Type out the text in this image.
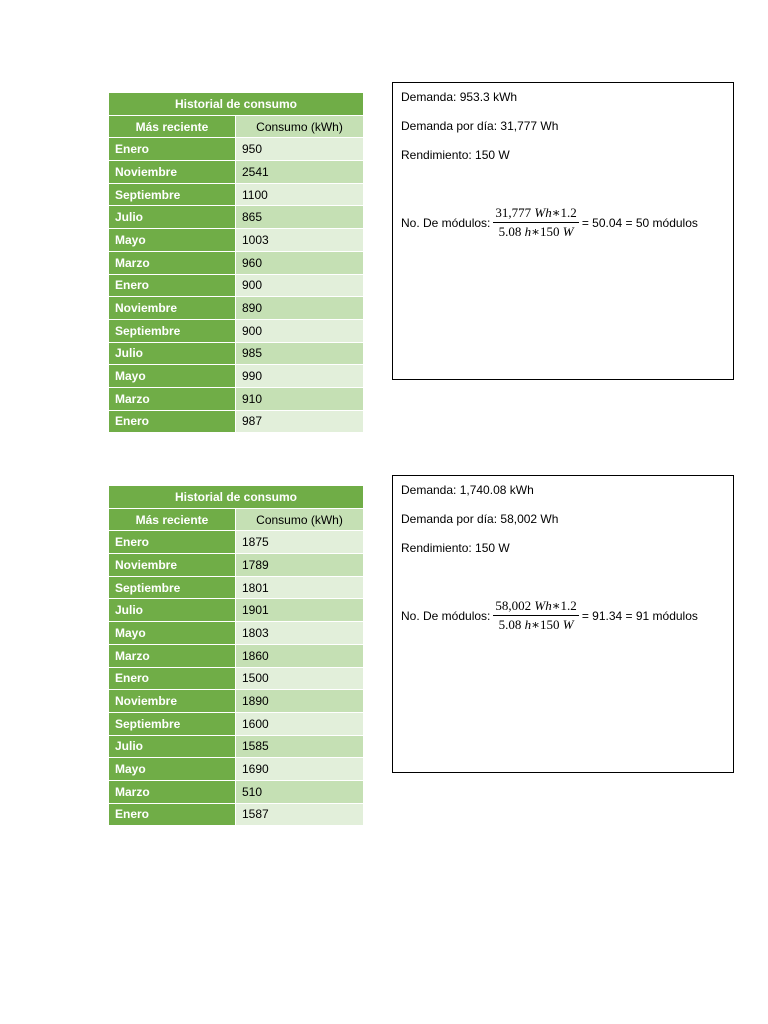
Historial de consumo	
Más reciente	Consumo (kWh)
Enero	950
Noviembre	2541
Septiembre	1100
Julio	865
Mayo	1003
Marzo	960
Enero	900
Noviembre	890
Septiembre	900
Julio	985
Mayo	990
Marzo	910
Enero	987
Demanda: 953.3 kWh
Demanda por día: 31,777 Wh
Rendimiento: 150 W
No. De módulos: $\frac{31,777 Wh∗1.2}{5.08 h∗150 W} = 50.04 = 50$ módulos
Historial de consumo	
Más reciente	Consumo (kWh)
Enero	1875
Noviembre	1789
Septiembre	1801
Julio	1901
Mayo	1803
Marzo	1860
Enero	1500
Noviembre	1890
Septiembre	1600
Julio	1585
Mayo	1690
Marzo	510
Enero	1587
Demanda: 1,740.08 kWh
Demanda por día: 58,002 Wh
Rendimiento: 150 W
No. De módulos: $\frac{58,002 Wh∗1.2}{5.08 h∗150 W} = 91.34 = 91$ módulos
